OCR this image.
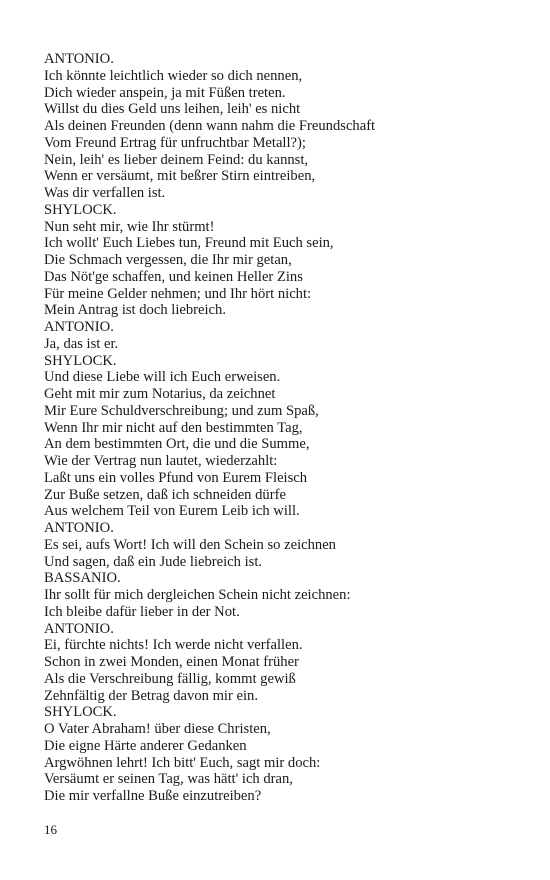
ANTONIO.
Ich könnte leichtlich wieder so dich nennen,
Dich wieder anspein, ja mit Füßen treten.
Willst du dies Geld uns leihen, leih' es nicht
Als deinen Freunden (denn wann nahm die Freundschaft
Vom Freund Ertrag für unfruchtbar Metall?);
Nein, leih' es lieber deinem Feind: du kannst,
Wenn er versäumt, mit beßrer Stirn eintreiben,
Was dir verfallen ist.
SHYLOCK.
Nun seht mir, wie Ihr stürmt!
Ich wollt' Euch Liebes tun, Freund mit Euch sein,
Die Schmach vergessen, die Ihr mir getan,
Das Nöt'ge schaffen, und keinen Heller Zins
Für meine Gelder nehmen; und Ihr hört nicht:
Mein Antrag ist doch liebreich.
ANTONIO.
Ja, das ist er.
SHYLOCK.
Und diese Liebe will ich Euch erweisen.
Geht mit mir zum Notarius, da zeichnet
Mir Eure Schuldverschreibung; und zum Spaß,
Wenn Ihr mir nicht auf den bestimmten Tag,
An dem bestimmten Ort, die und die Summe,
Wie der Vertrag nun lautet, wiederzahlt:
Laßt uns ein volles Pfund von Eurem Fleisch
Zur Buße setzen, daß ich schneiden dürfe
Aus welchem Teil von Eurem Leib ich will.
ANTONIO.
Es sei, aufs Wort! Ich will den Schein so zeichnen
Und sagen, daß ein Jude liebreich ist.
BASSANIO.
Ihr sollt für mich dergleichen Schein nicht zeichnen:
Ich bleibe dafür lieber in der Not.
ANTONIO.
Ei, fürchte nichts! Ich werde nicht verfallen.
Schon in zwei Monden, einen Monat früher
Als die Verschreibung fällig, kommt gewiß
Zehnfältig der Betrag davon mir ein.
SHYLOCK.
O Vater Abraham! über diese Christen,
Die eigne Härte anderer Gedanken
Argwöhnen lehrt! Ich bitt' Euch, sagt mir doch:
Versäumt er seinen Tag, was hätt' ich dran,
Die mir verfallne Buße einzutreiben?
16
